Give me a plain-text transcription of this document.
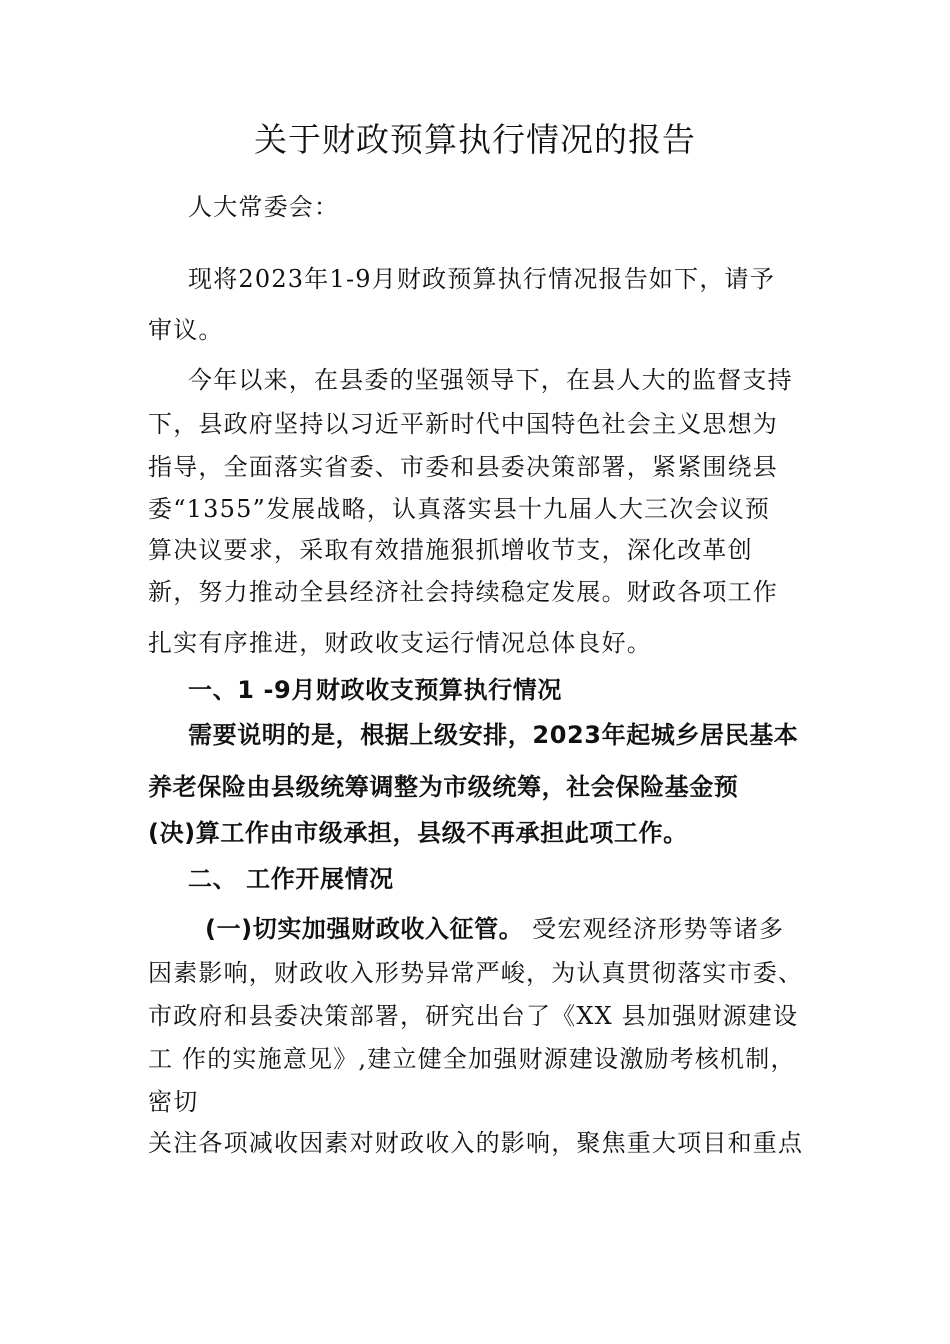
关于财政预算执行情况的报告
人大常委会：
现将2023年1-9月财政预算执行情况报告如下，请予
审议。
今年以来，在县委的坚强领导下，在县人大的监督支持
下，县政府坚持以习近平新时代中国特色社会主义思想为
指导，全面落实省委、市委和县委决策部署，紧紧围绕县
委“1355”发展战略，认真落实县十九届人大三次会议预
算决议要求，采取有效措施狠抓增收节支，深化改革创
新，努力推动全县经济社会持续稳定发展。财政各项工作
扎实有序推进，财政收支运行情况总体良好。
一、1 -9月财政收支预算执行情况
需要说明的是，根据上级安排，2023年起城乡居民基本
养老保险由县级统筹调整为市级统筹，社会保险基金预
(决)算工作由市级承担，县级不再承担此项工作。
二、 工作开展情况
(一)切实加强财政收入征管。 受宏观经济形势等诸多
因素影响，财政收入形势异常严峻，为认真贯彻落实市委、
市政府和县委决策部署，研究出台了《XX 县加强财源建设
工 作的实施意见》,建立健全加强财源建设激励考核机制，
密切
关注各项减收因素对财政收入的影响，聚焦重大项目和重点
